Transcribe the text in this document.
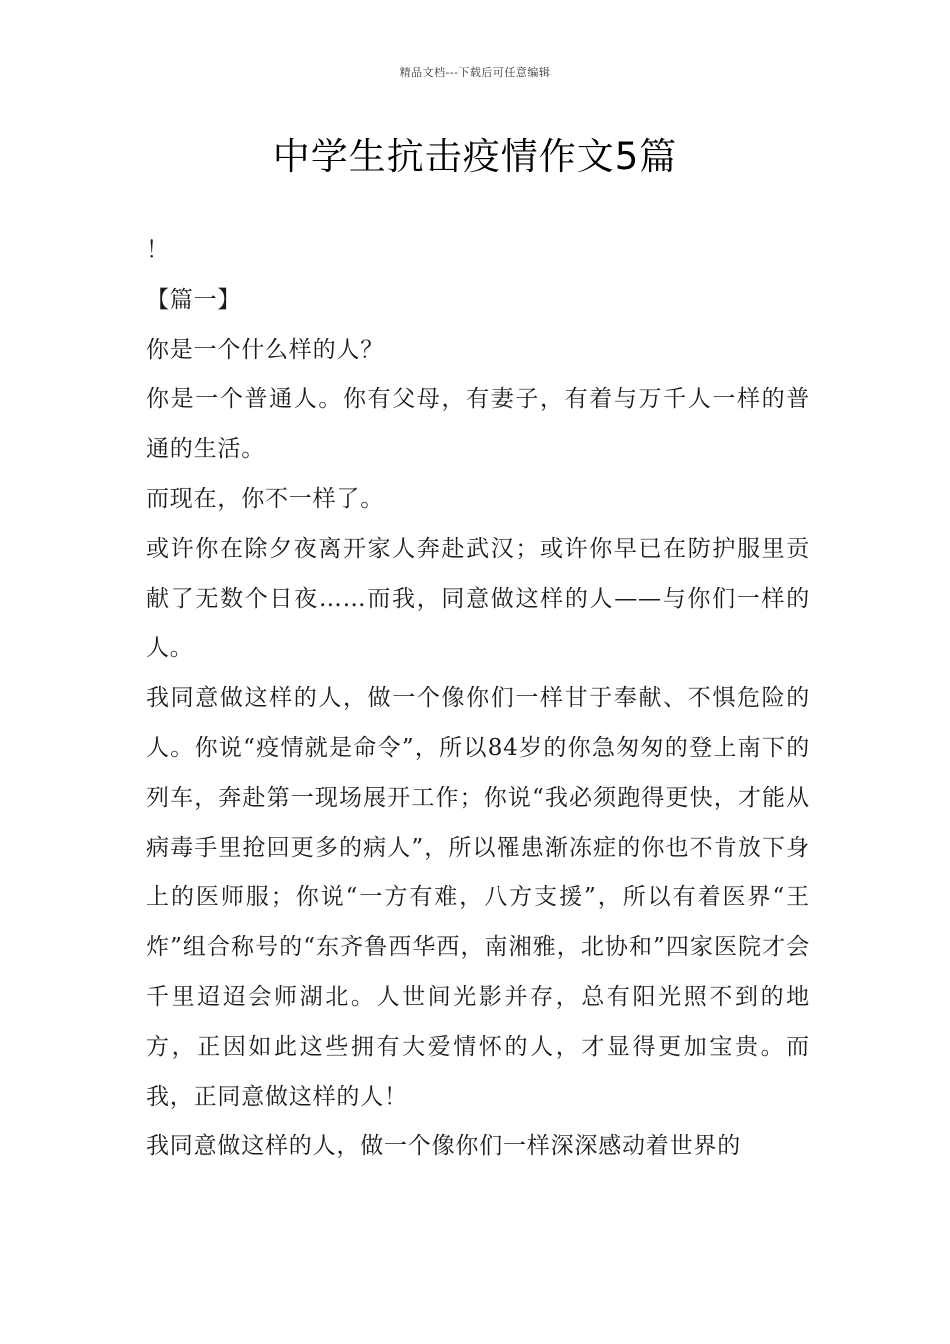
精品文档---下载后可任意编辑
中学生抗击疫情作文5篇

！

【篇一】

你是一个什么样的人？

你是一个普通人。你有父母，有妻子，有着与万千人一样的普通的生活。

而现在，你不一样了。

或许你在除夕夜离开家人奔赴武汉；或许你早已在防护服里贡献了无数个日夜……而我，同意做这样的人——与你们一样的人。

我同意做这样的人，做一个像你们一样甘于奉献、不惧危险的人。你说“疫情就是命令”，所以84岁的你急匆匆的登上南下的列车，奔赴第一现场展开工作；你说“我必须跑得更快，才能从病毒手里抢回更多的病人”，所以罹患渐冻症的你也不肯放下身上的医师服；你说“一方有难，八方支援”，所以有着医界“王炸”组合称号的“东齐鲁西华西，南湘雅，北协和”四家医院才会千里迢迢会师湖北。人世间光影并存，总有阳光照不到的地方，正因如此这些拥有大爱情怀的人，才显得更加宝贵。而我，正同意做这样的人！

我同意做这样的人，做一个像你们一样深深感动着世界的
